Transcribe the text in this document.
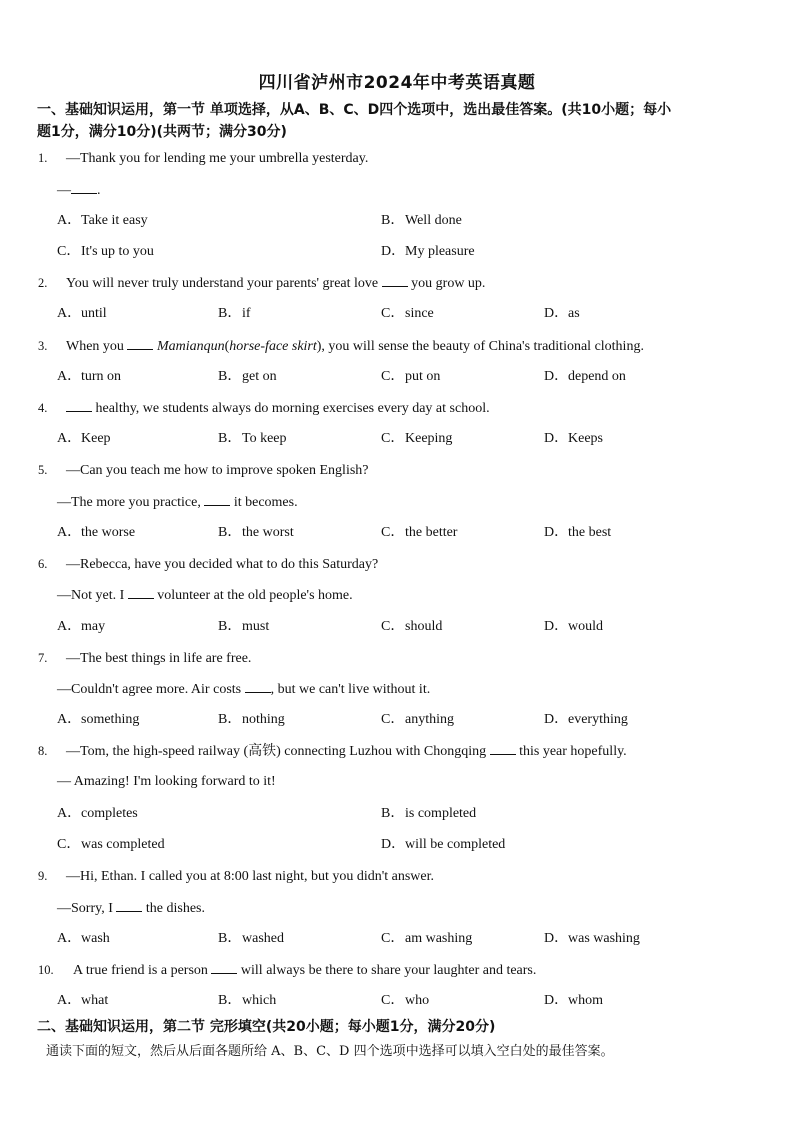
四川省泸州市2024年中考英语真题
一、基础知识运用，第一节 单项选择，从A、B、C、D四个选项中，选出最佳答案。(共10小题；每小
题1分，满分10分)(共两节；满分30分)
1. —Thank you for lending me your umbrella yesterday.
— .
A．Take it easy	B．Well done
C．It's up to you	D．My pleasure
2. You will never truly understand your parents' great love  you grow up.
A．until	B．if	C．since	D．as
3. When you  Mamianqun(horse-face skirt), you will sense the beauty of China's traditional clothing.
A．turn on	B．get on	C．put on	D．depend on
4.	healthy, we students always do morning exercises every day at school.
A．Keep	B．To keep	C．Keeping	D．Keeps
5. —Can you teach me how to improve spoken English?
—The more you practice,  it becomes.
A．the worse	B．the worst	C．the better	D．the best
6. —Rebecca, have you decided what to do this Saturday?
—Not yet. I  volunteer at the old people's home.
A．may	B．must	C．should	D．would
7. —The best things in life are free.
—Couldn't agree more. Air costs , but we can't live without it.
A．something	B．nothing	C．anything	D．everything
8. —Tom, the high-speed railway (高铁) connecting Luzhou with Chongqing  this year hopefully.
— Amazing! I'm looking forward to it!
A．completes	B．is completed
C．was completed	D．will be completed
9. —Hi, Ethan. I called you at 8:00 last night, but you didn't answer.
—Sorry, I  the dishes.
A．wash	B．washed	C．am washing	D．was washing
10. A true friend is a person  will always be there to share your laughter and tears.
A．what	B．which	C．who	D．whom
二、基础知识运用，第二节 完形填空(共20小题；每小题1分，满分20分)
通读下面的短文，然后从后面各题所给 A、B、C、D 四个选项中选择可以填入空白处的最佳答案。
